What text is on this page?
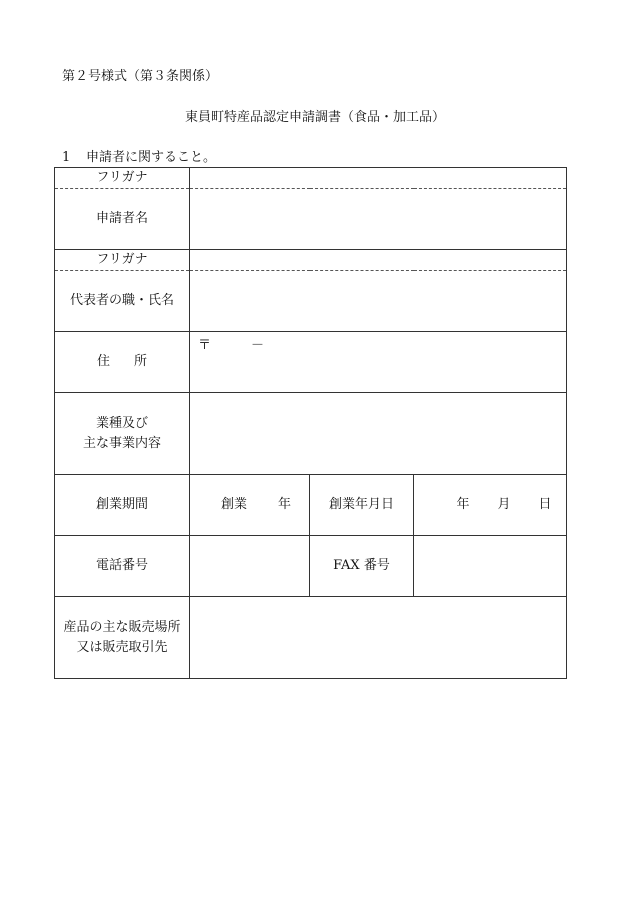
第２号様式（第３条関係）
東員町特産品認定申請調書（食品・加工品）
1 申請者に関すること。
フリガナ			
申請者名			
フリガナ			
代表者の職・氏名			
住 所	〒 －		

業種及び
主な事業内容			
創業期間	創業 年	創業年月日	年 月 日
電話番号		FAX 番号	
産品の主な販売場所
又は販売取引先			
